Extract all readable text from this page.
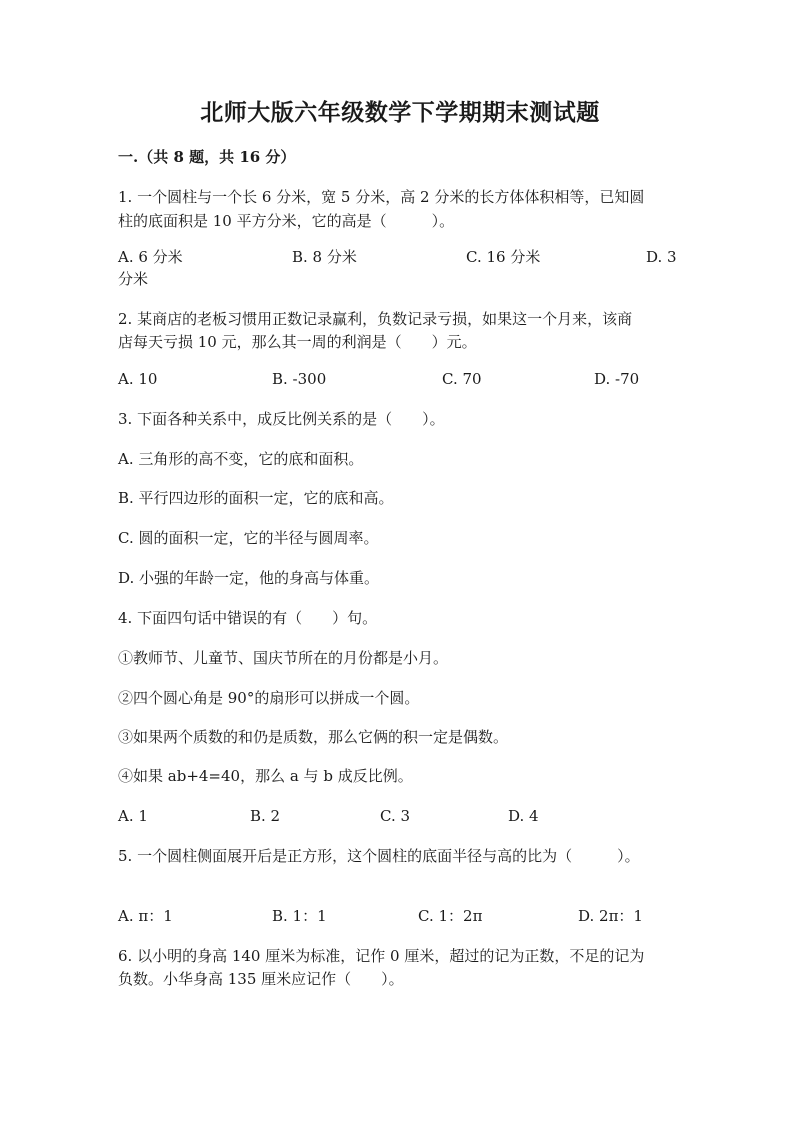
北师大版六年级数学下学期期末测试题
一.（共 8 题，共 16 分）
1. 一个圆柱与一个长 6 分米，宽 5 分米，高 2 分米的长方体体积相等，已知圆
柱的底面积是 10 平方分米，它的高是（　　　）。
A. 6 分米	B. 8 分米	C. 16 分米	D. 3
分米
2. 某商店的老板习惯用正数记录赢利，负数记录亏损，如果这一个月来，该商
店每天亏损 10 元，那么其一周的利润是（　　）元。
A. 10	B. -300	C. 70	D. -70
3. 下面各种关系中，成反比例关系的是（　　）。
A. 三角形的高不变，它的底和面积。
B. 平行四边形的面积一定，它的底和高。
C. 圆的面积一定，它的半径与圆周率。
D. 小强的年龄一定，他的身高与体重。
4. 下面四句话中错误的有（　　）句。
①教师节、儿童节、国庆节所在的月份都是小月。
②四个圆心角是 90°的扇形可以拼成一个圆。
③如果两个质数的和仍是质数，那么它俩的积一定是偶数。
④如果 ab+4=40，那么 a 与 b 成反比例。
A. 1	B. 2	C. 3	D. 4
5. 一个圆柱侧面展开后是正方形，这个圆柱的底面半径与高的比为（　　　）。
A. π：1	B. 1：1	C. 1：2π	D. 2π：1
6. 以小明的身高 140 厘米为标准，记作 0 厘米，超过的记为正数，不足的记为
负数。小华身高 135 厘米应记作（　　）。
